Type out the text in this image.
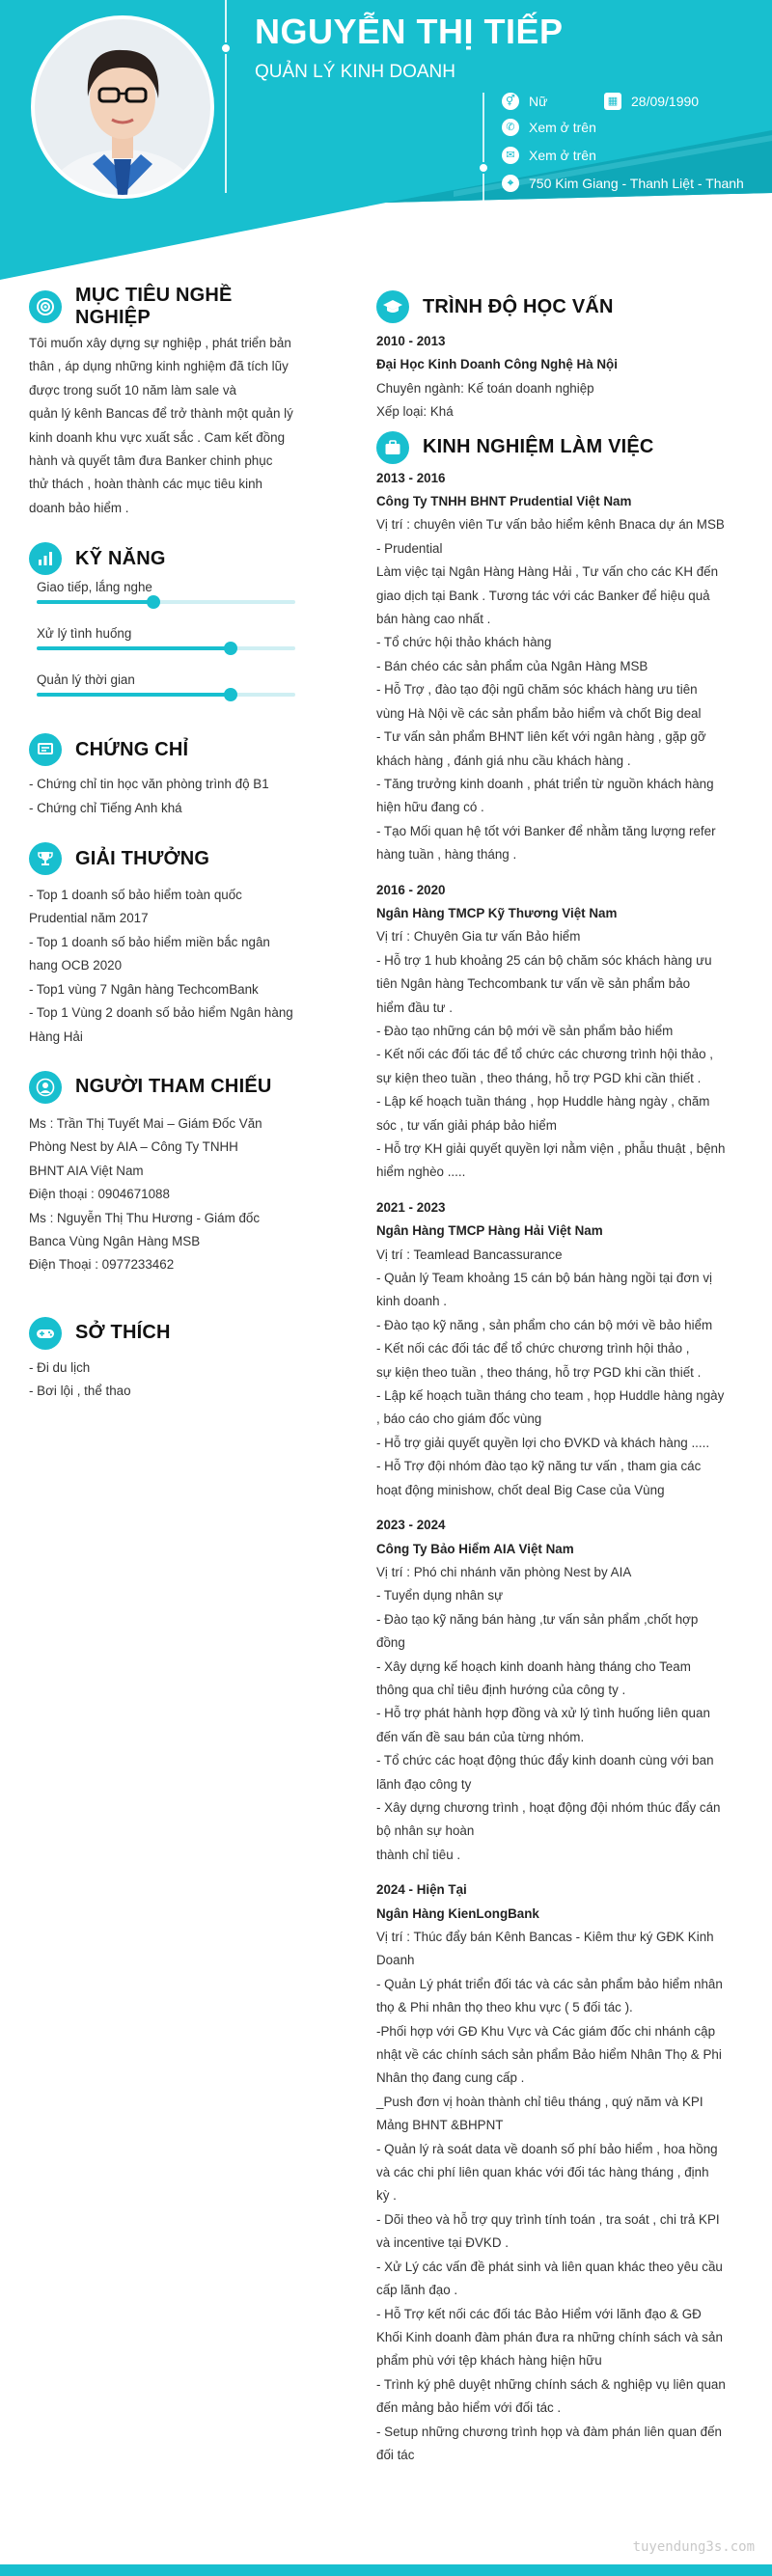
NGUYỄN THỊ TIẾP
QUẢN LÝ KINH DOANH
⚥ Nữ	▦ 28/09/1990
✆	Xem ở trên
✉	Xem ở trên
⌖	750 Kim Giang - Thanh Liệt - Thanh
Trì - hà Nội
MỤC TIÊU NGHỀ NGHIỆP
Tôi muốn xây dựng sự nghiệp , phát triển bản
thân , áp dụng những kinh nghiệm đã tích lũy
được trong suốt 10 năm làm sale và
quản lý kênh Bancas để trở thành một quản lý
kinh doanh khu vực xuất sắc . Cam kết đồng
hành và quyết tâm đưa Banker chinh phục
thử thách , hoàn thành các mục tiêu kinh
doanh bảo hiểm .
KỸ NĂNG
Giao tiếp, lắng nghe
Xử lý tình huống
Quản lý thời gian
CHỨNG CHỈ
- Chứng chỉ tin học văn phòng trình độ B1
- Chứng chỉ Tiếng Anh khá
GIẢI THƯỞNG
- Top 1 doanh số bảo hiểm toàn quốc
Prudential năm 2017
- Top 1 doanh số bảo hiểm miền bắc ngân
hang OCB 2020
- Top1 vùng 7 Ngân hàng TechcomBank
- Top 1 Vùng 2 doanh số bảo hiểm Ngân hàng
Hàng Hải
NGƯỜI THAM CHIẾU
Ms : Trần Thị Tuyết Mai – Giám Đốc Văn
Phòng Nest by AIA – Công Ty TNHH
BHNT AIA Việt Nam
Điện thoại : 0904671088
Ms : Nguyễn Thị Thu Hương - Giám đốc
Banca Vùng Ngân Hàng MSB
Điện Thoại : 0977233462
SỞ THÍCH
- Đi du lịch
- Bơi lội , thể thao
TRÌNH ĐỘ HỌC VẤN
2010 - 2013
Đại Học Kinh Doanh Công Nghệ Hà Nội
Chuyên ngành: Kế toán doanh nghiệp
Xếp loại: Khá
KINH NGHIỆM LÀM VIỆC
2013 - 2016
Công Ty TNHH BHNT Prudential Việt Nam
Vị trí : chuyên viên Tư vấn bảo hiểm kênh Bnaca dự án MSB
- Prudential
Làm việc tại Ngân Hàng Hàng Hải , Tư vấn cho các KH đến
giao dịch tại Bank . Tương tác với các Banker để hiệu quả
bán hàng cao nhất .
- Tổ chức hội thảo khách hàng
- Bán chéo các sản phẩm của Ngân Hàng MSB
- Hỗ Trợ , đào tạo đội ngũ chăm sóc khách hàng ưu tiên
vùng Hà Nội về các sản phẩm bảo hiểm và chốt Big deal
- Tư vấn sản phẩm BHNT liên kết với ngân hàng , gặp gỡ
khách hàng , đánh giá nhu cầu khách hàng .
- Tăng trưởng kinh doanh , phát triển từ nguồn khách hàng
hiện hữu đang có .
- Tạo Mối quan hệ tốt với Banker để nhằm tăng lượng refer
hàng tuần , hàng tháng .
2016 - 2020
Ngân Hàng TMCP Kỹ Thương Việt Nam
Vị trí : Chuyên Gia tư vấn Bảo hiểm
- Hỗ trợ 1 hub khoảng 25 cán bộ chăm sóc khách hàng ưu
tiên Ngân hàng Techcombank tư vấn về sản phẩm bảo
hiểm đầu tư .
- Đào tạo những cán bộ mới về sản phẩm bảo hiểm
- Kết nối các đối tác để tổ chức các chương trình hội thảo ,
sự kiện theo tuần , theo tháng, hỗ trợ PGD khi cần thiết .
- Lập kế hoạch tuần tháng , họp Huddle hàng ngày , chăm
sóc , tư vấn giải pháp bảo hiểm
- Hỗ trợ KH giải quyết quyền lợi nằm viện , phẫu thuật , bệnh
hiểm nghèo .....
2021 - 2023
Ngân Hàng TMCP Hàng Hải Việt Nam
Vị trí : Teamlead Bancassurance
- Quản lý Team khoảng 15 cán bộ bán hàng ngồi tại đơn vị
kinh doanh .
- Đào tạo kỹ năng , sản phẩm cho cán bộ mới về bảo hiểm
- Kết nối các đối tác để tổ chức chương trình hội thảo ,
sự kiện theo tuần , theo tháng, hỗ trợ PGD khi cần thiết .
- Lập kế hoạch tuần tháng cho team , họp Huddle hàng ngày
, báo cáo cho giám đốc vùng
- Hỗ trợ giải quyết quyền lợi cho ĐVKD và khách hàng .....
- Hỗ Trợ đội nhóm đào tạo kỹ năng tư vấn , tham gia các
hoạt động minishow, chốt deal Big Case của Vùng
2023 - 2024
Công Ty Bảo Hiểm AIA Việt Nam
Vị trí : Phó chi nhánh văn phòng Nest by AIA
- Tuyển dụng nhân sự
- Đào tạo kỹ năng bán hàng ,tư vấn sản phẩm ,chốt hợp
đồng
- Xây dựng kế hoạch kinh doanh hàng tháng cho Team
thông qua chỉ tiêu định hướng của công ty .
- Hỗ trợ phát hành hợp đồng và xử lý tình huống liên quan
đến vấn đề sau bán của từng nhóm.
- Tổ chức các hoạt động thúc đẩy kinh doanh cùng với ban
lãnh đạo công ty
- Xây dựng chương trình , hoạt động đội nhóm thúc đẩy cán
bộ nhân sự hoàn
thành chỉ tiêu .
2024 - Hiện Tại
Ngân Hàng KienLongBank
Vị trí : Thúc đẩy bán Kênh Bancas - Kiêm thư ký GĐK Kinh
Doanh
- Quản Lý phát triển đối tác và các sản phẩm bảo hiểm nhân
thọ & Phi nhân thọ theo khu vực ( 5 đối tác ).
-Phối hợp với GĐ Khu Vực và Các giám đốc chi nhánh cập
nhật về các chính sách sản phẩm Bảo hiểm Nhân Thọ & Phi
Nhân thọ đang cung cấp .
_Push đơn vị hoàn thành chỉ tiêu tháng , quý năm và KPI
Mảng BHNT &BHPNT
- Quản lý rà soát data về doanh số phí bảo hiểm , hoa hồng
và các chi phí liên quan khác với đối tác hàng tháng , định
kỳ .
- Dõi theo và hỗ trợ quy trình tính toán , tra soát , chi trả KPI
và incentive tại ĐVKD .
- Xử Lý các vấn đề phát sinh và liên quan khác theo yêu cầu
cấp lãnh đạo .
- Hỗ Trợ kết nối các đối tác Bảo Hiểm với lãnh đạo & GĐ
Khối Kinh doanh đàm phán đưa ra những chính sách và sản
phẩm phù với tệp khách hàng hiện hữu
- Trình ký phê duyệt những chính sách & nghiệp vụ liên quan
đến mảng bảo hiểm với đối tác .
- Setup những chương trình họp và đàm phán liên quan đến
đối tác
tuyendung3s.com
